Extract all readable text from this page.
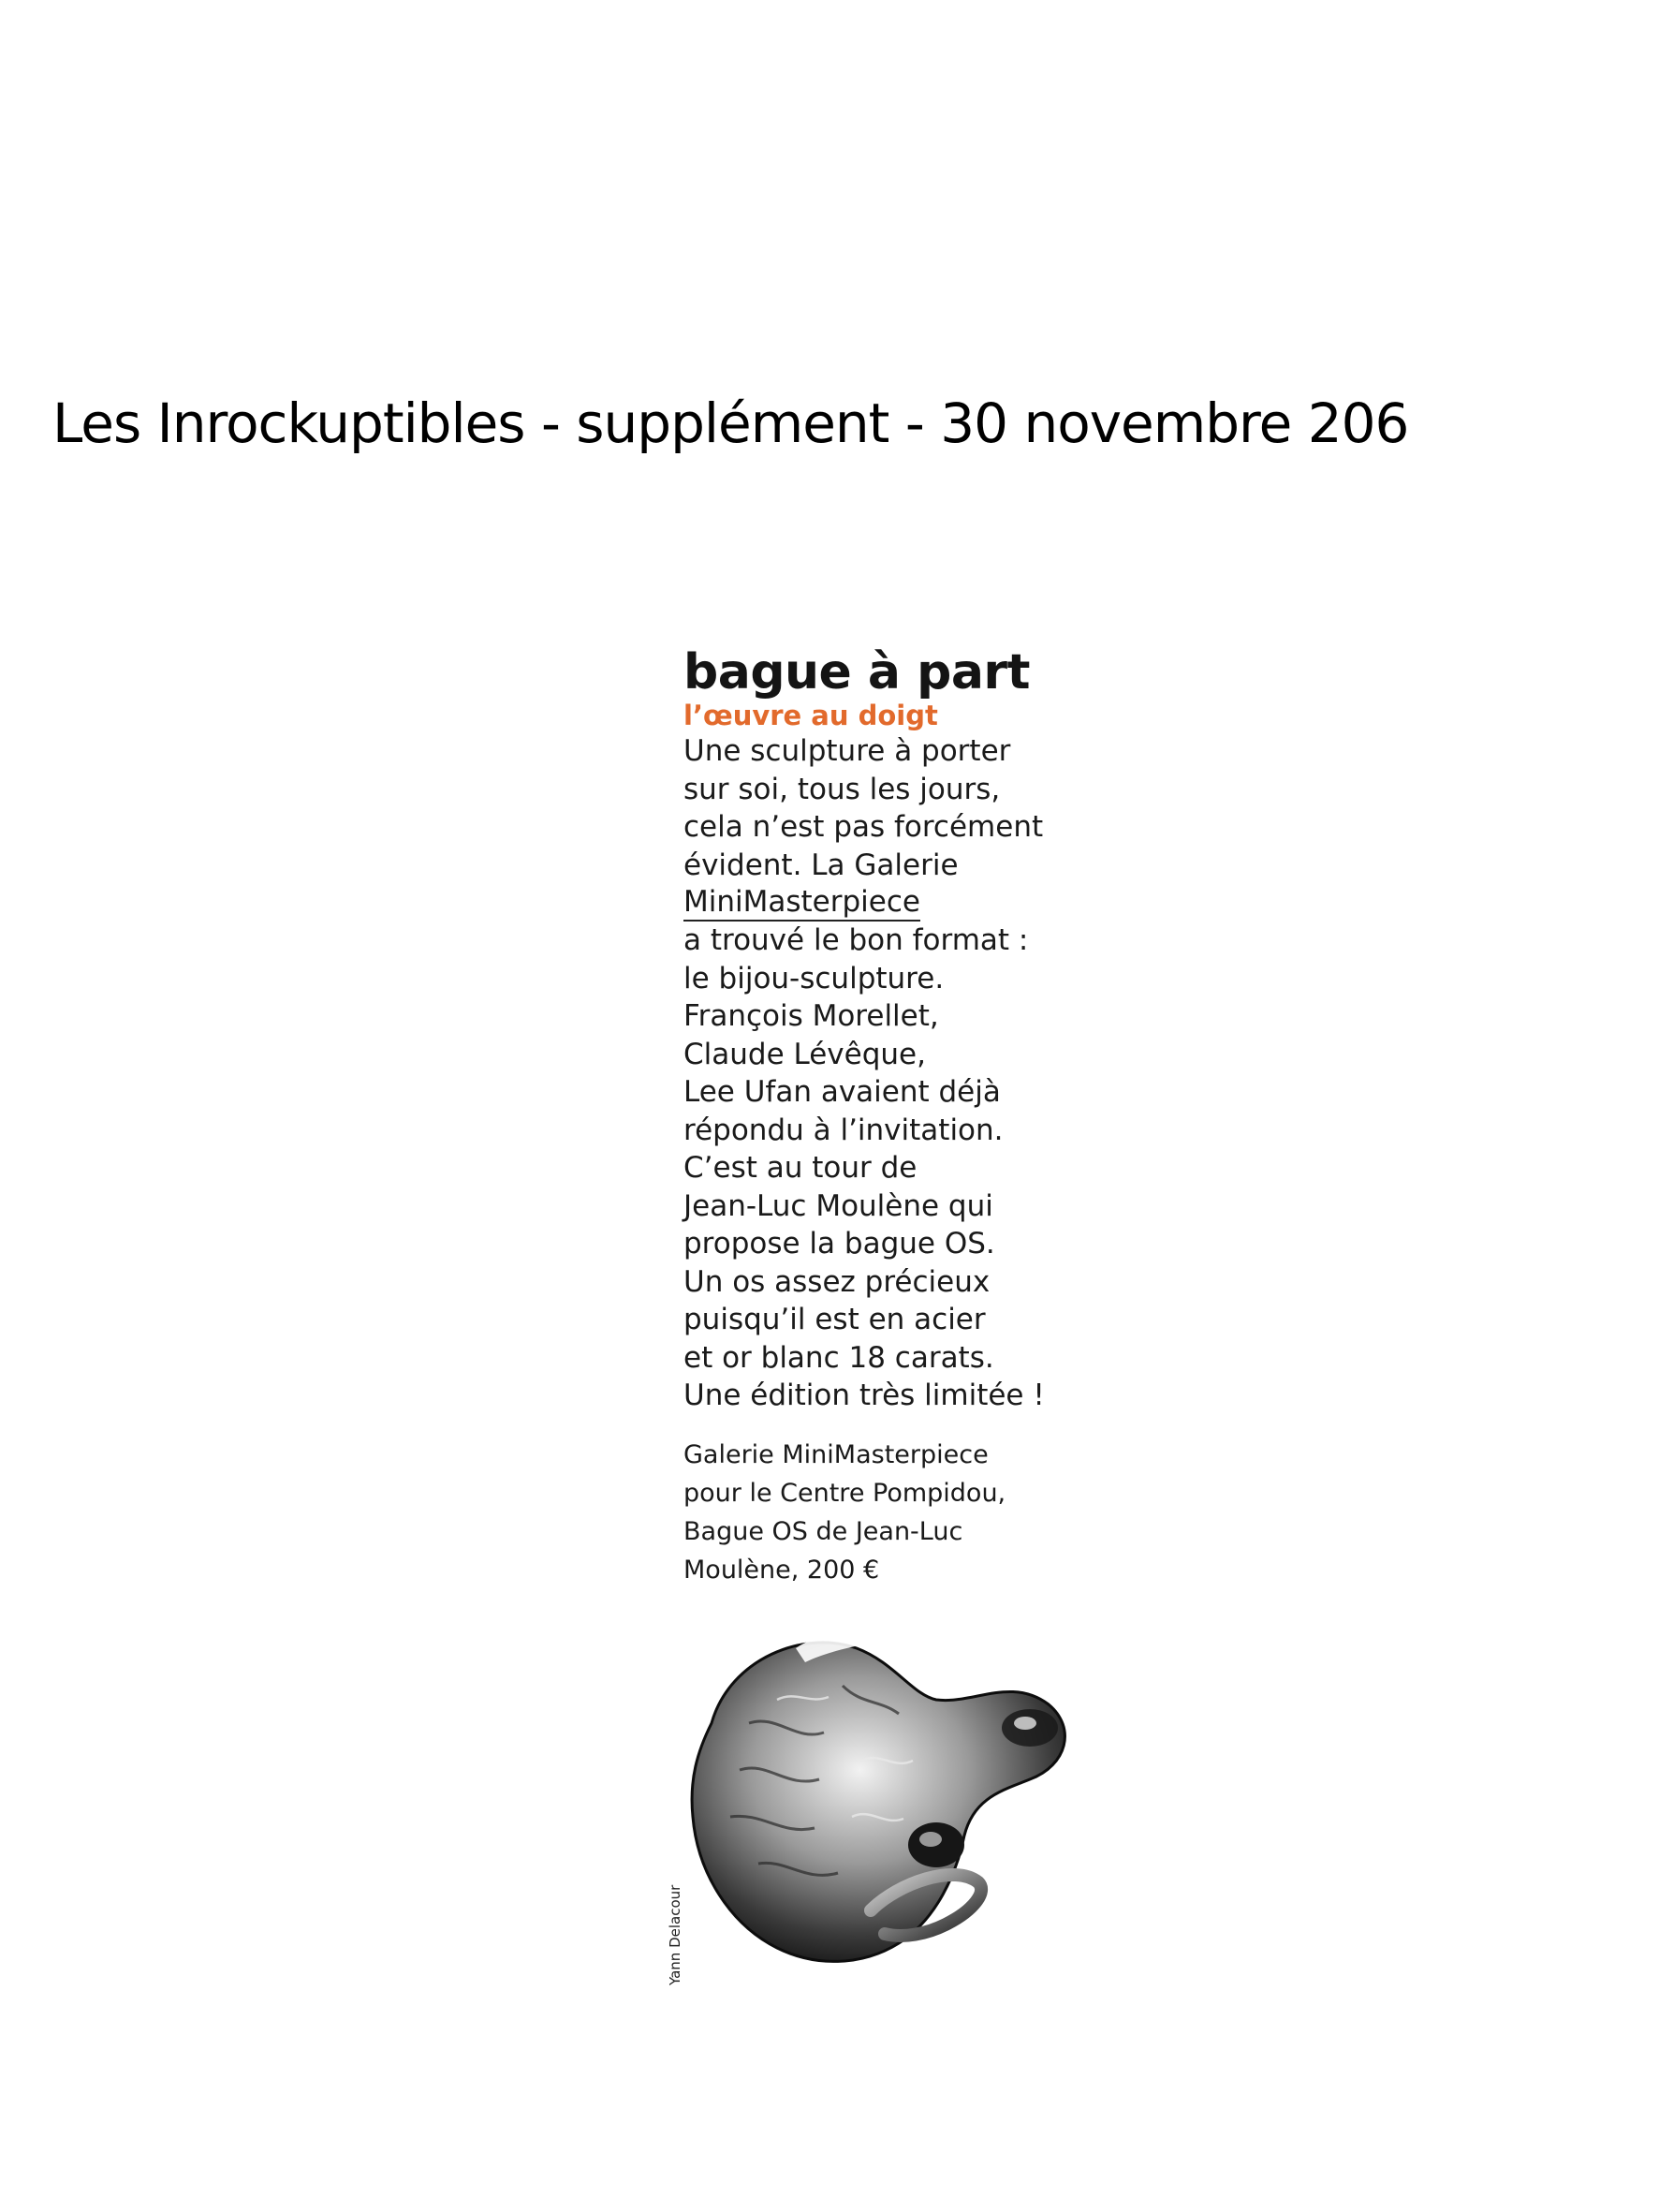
Les Inrockuptibles - supplément - 30 novembre 206
bague à part
l’œuvre au doigt
Une sculpture à porter
sur soi, tous les jours,
cela n’est pas forcément
évident. La Galerie
MiniMasterpiece
a trouvé le bon format :
le bijou-sculpture.
François Morellet,
Claude Lévêque,
Lee Ufan avaient déjà
répondu à l’invitation.
C’est au tour de
Jean-Luc Moulène qui
propose la bague OS.
Un os assez précieux
puisqu’il est en acier
et or blanc 18 carats.
Une édition très limitée !
Galerie MiniMasterpiece
pour le Centre Pompidou,
Bague OS de Jean-Luc
Moulène, 200 €
Yann Delacour
